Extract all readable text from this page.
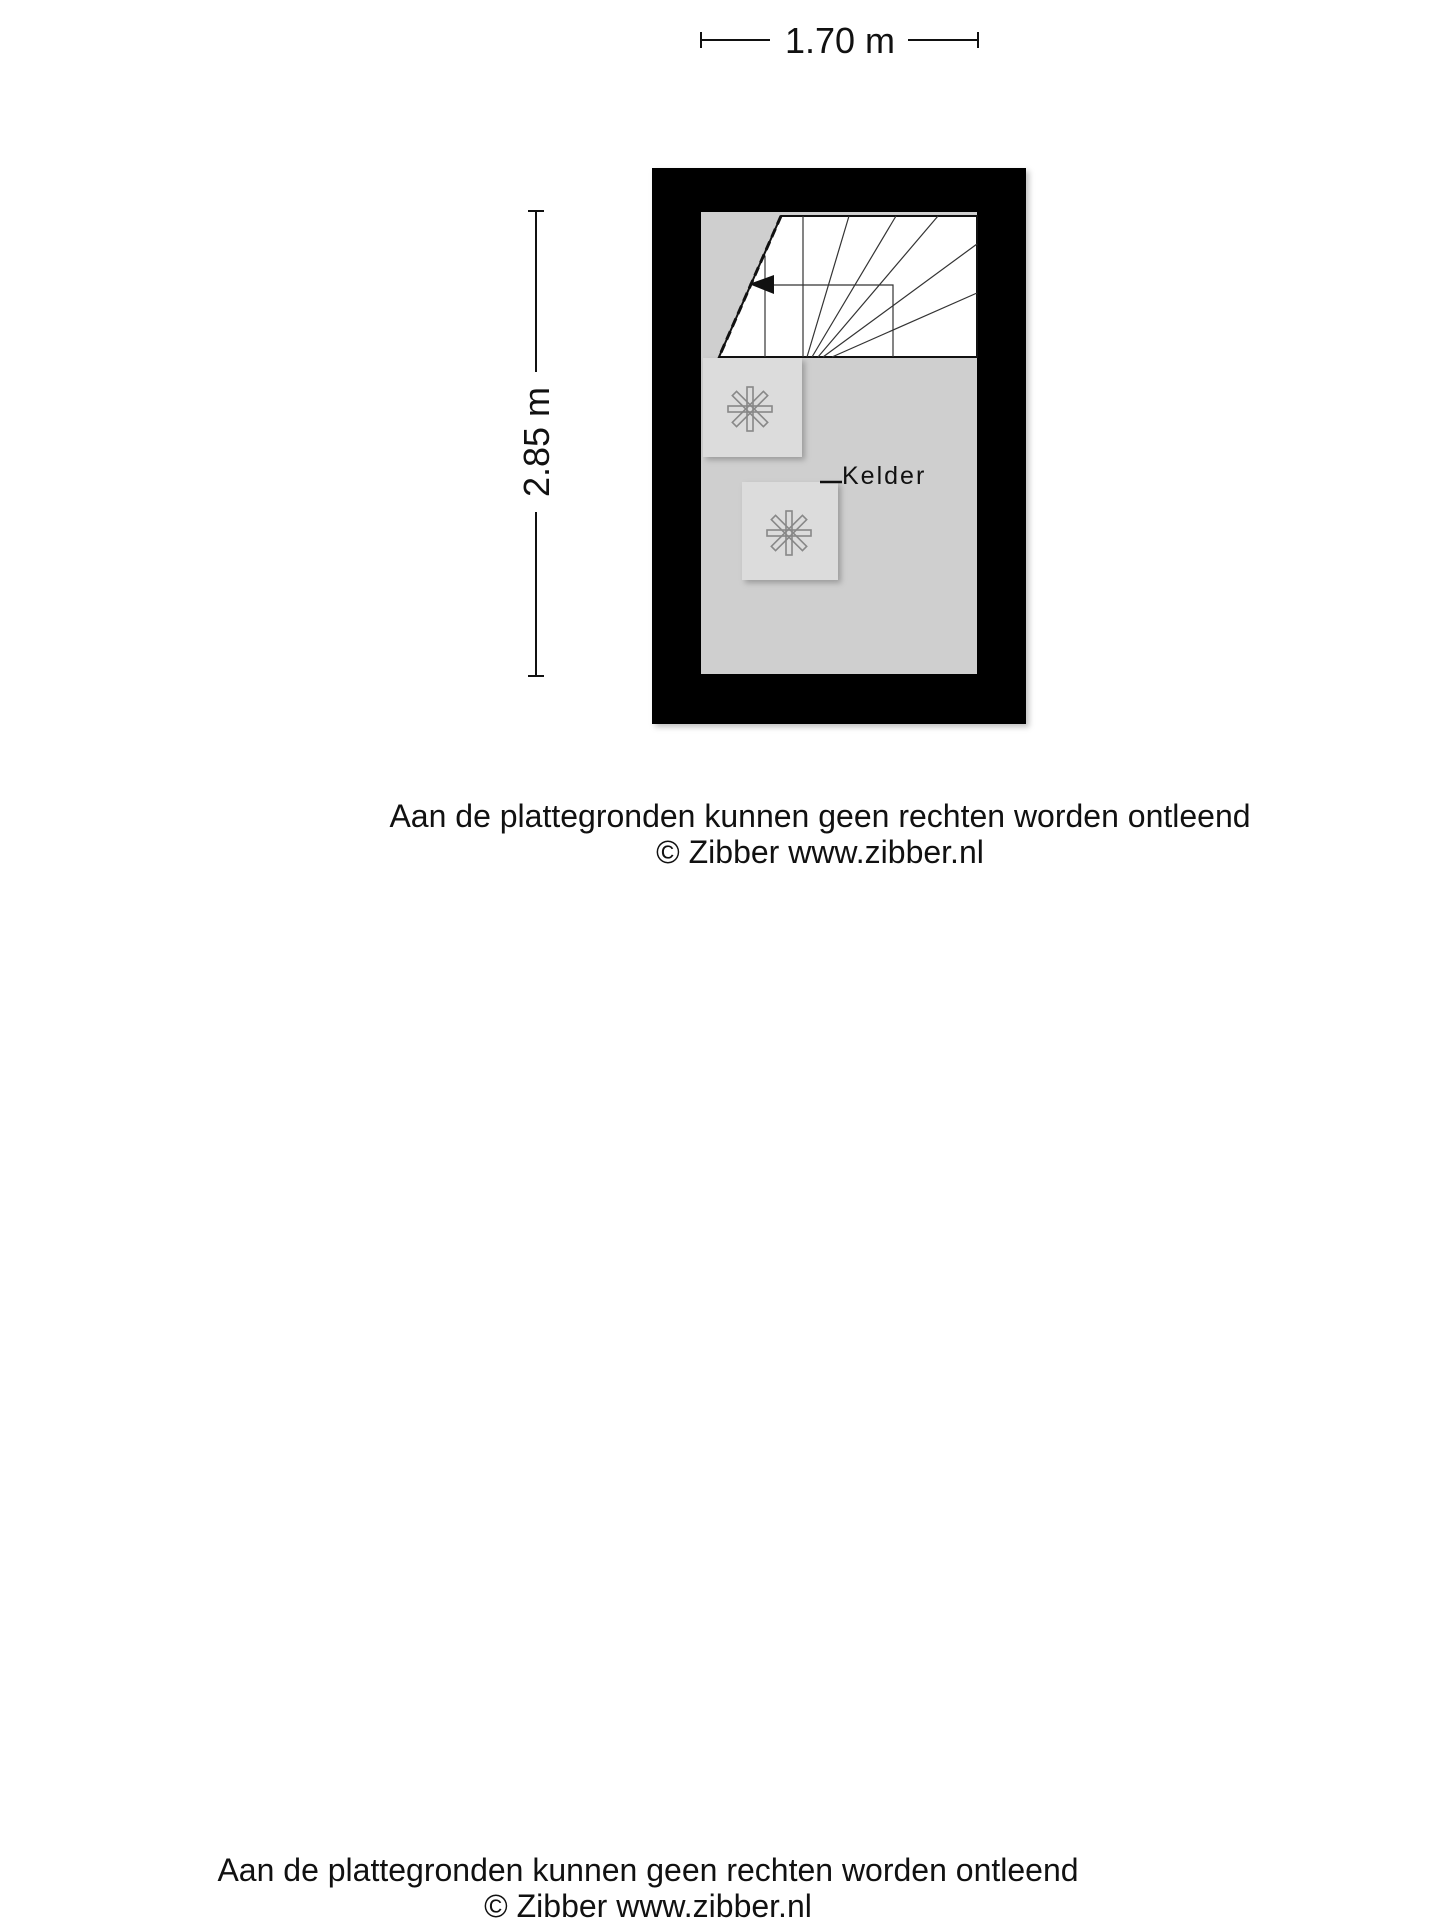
1.70 m
2.85 m	Kelder
Aan de plattegronden kunnen geen rechten worden ontleend
© Zibber www.zibber.nl
Aan de plattegronden kunnen geen rechten worden ontleend
© Zibber www.zibber.nl
